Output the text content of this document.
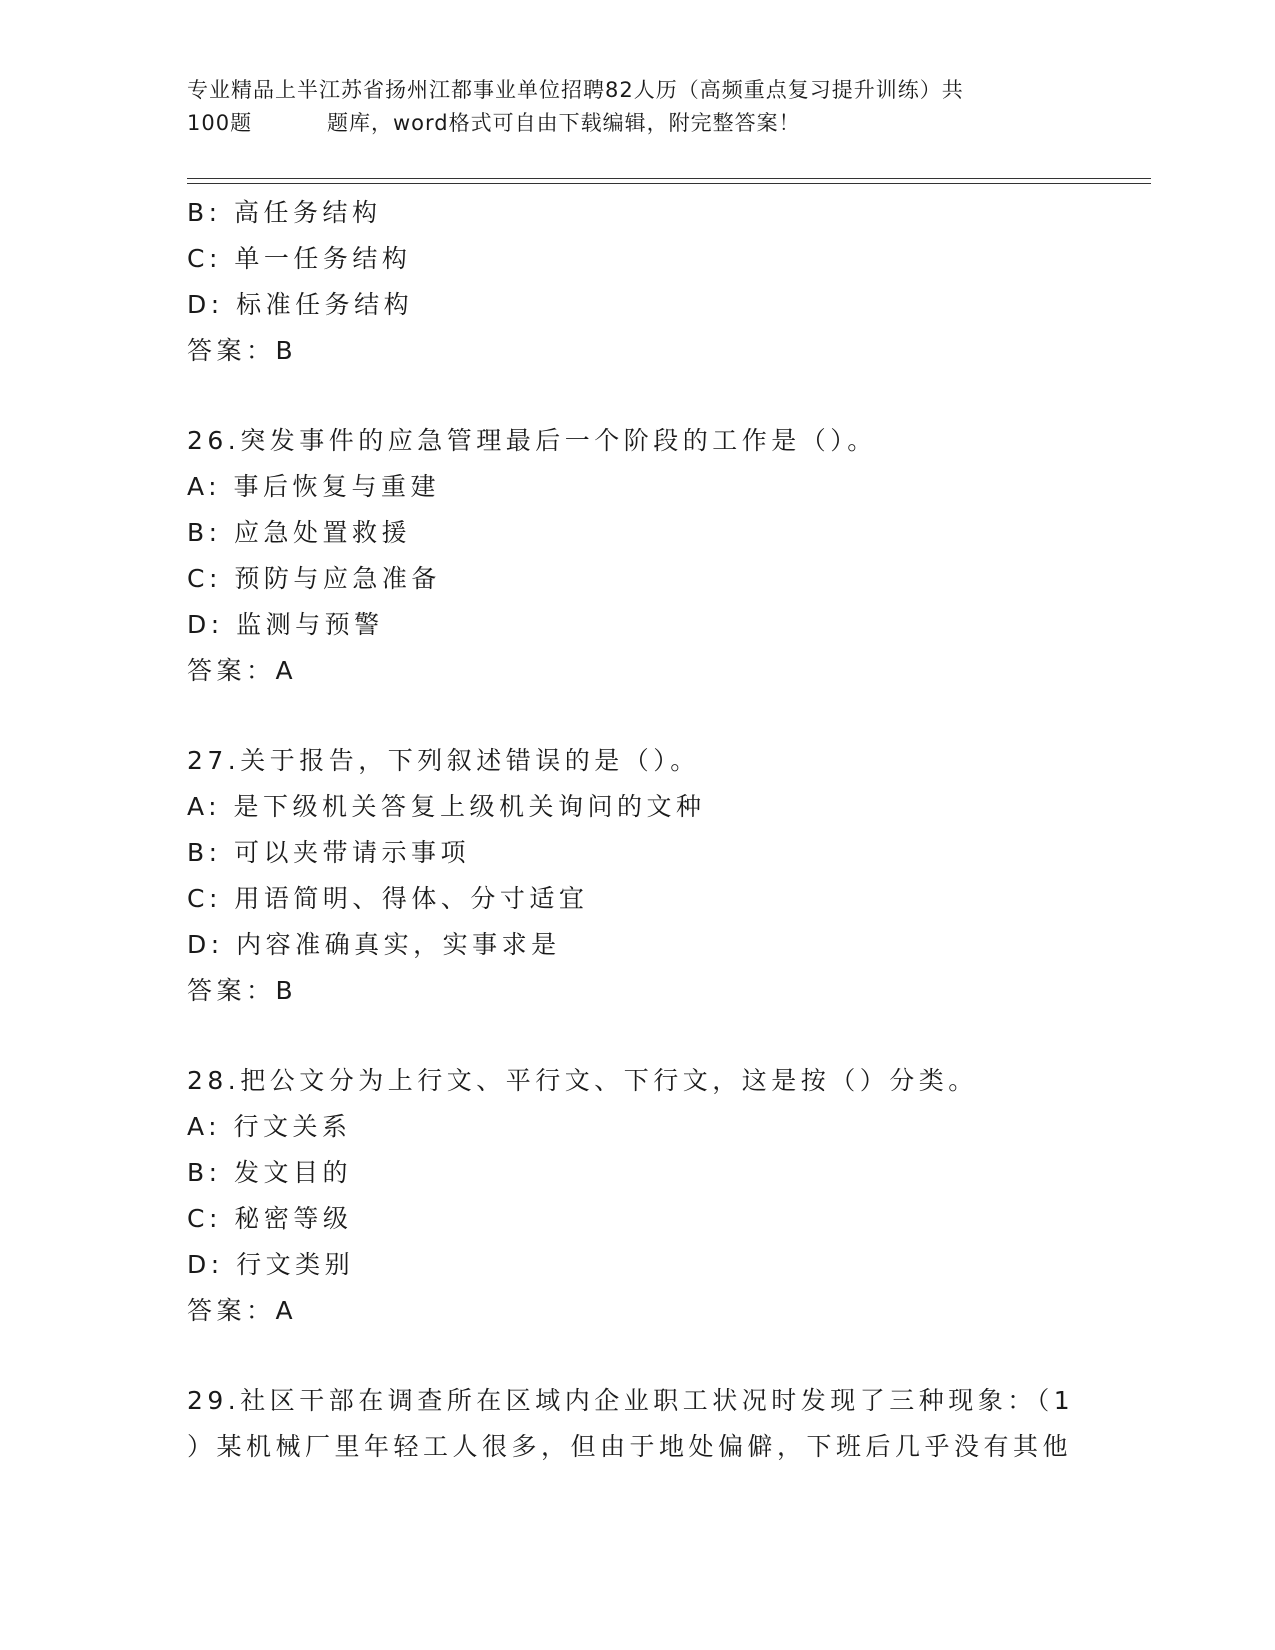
专业精品上半江苏省扬州江都事业单位招聘82人历（高频重点复习提升训练）共
100题	题库，word格式可自由下载编辑，附完整答案！
B: 高任务结构
C: 单一任务结构
D: 标准任务结构
答案：B
26.突发事件的应急管理最后一个阶段的工作是（）。
A: 事后恢复与重建
B: 应急处置救援
C: 预防与应急准备
D: 监测与预警
答案：A
27.关于报告，下列叙述错误的是（）。
A: 是下级机关答复上级机关询问的文种
B: 可以夹带请示事项
C: 用语简明、得体、分寸适宜
D: 内容准确真实，实事求是
答案：B
28.把公文分为上行文、平行文、下行文，这是按（）分类。
A: 行文关系
B: 发文目的
C: 秘密等级
D: 行文类别
答案：A
29.社区干部在调查所在区域内企业职工状况时发现了三种现象：（1
）某机械厂里年轻工人很多，但由于地处偏僻，下班后几乎没有其他
